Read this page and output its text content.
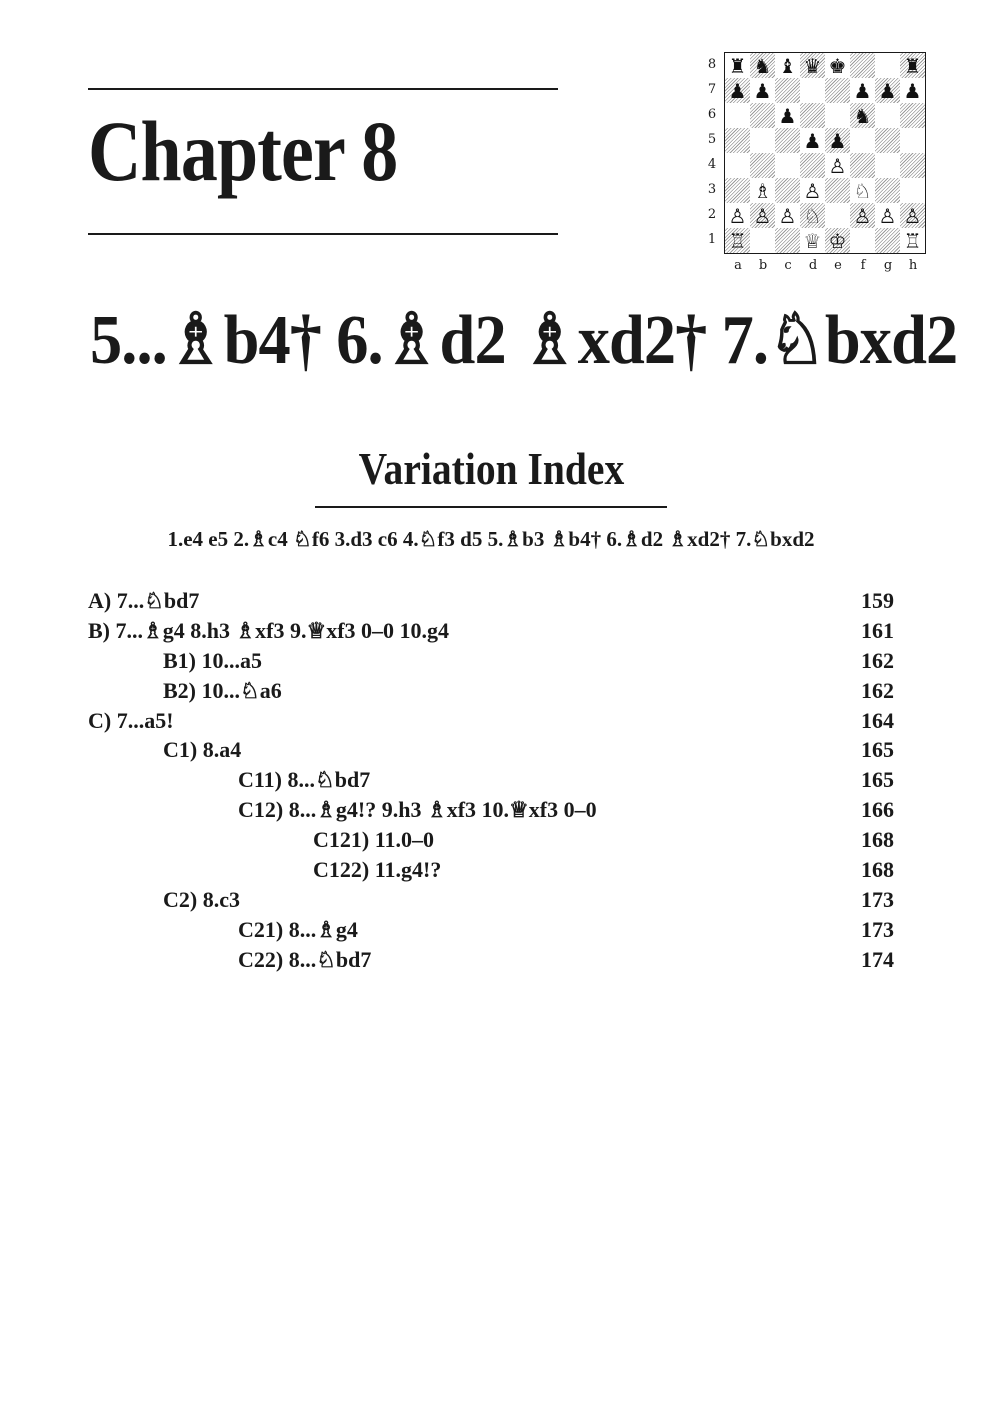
Chapter 8
♜ ♞ ♝ ♛ ♚	♜
♟ ♟	♟ ♟ ♟
♟	♞
♟ ♟
♙
♗ ♙ ♘
♙ ♙ ♙ ♘ ♙ ♙ ♙
♖	♕ ♔	♖
8
7
6
5
4
3
2
1
a	b	c	d	e	f	g	h
5...♗b4† 6.♗d2 ♗xd2† 7.♘bxd2
Variation Index
1.e4 e5 2.♗c4 ♘f6 3.d3 c6 4.♘f3 d5 5.♗b3 ♗b4† 6.♗d2 ♗xd2† 7.♘bxd2
A) 7...♘bd7	159
B) 7...♗g4 8.h3 ♗xf3 9.♕xf3 0–0 10.g4	161
B1) 10...a5	162
B2) 10...♘a6	162
C) 7...a5!	164
C1) 8.a4	165
C11) 8...♘bd7	165
C12) 8...♗g4!? 9.h3 ♗xf3 10.♕xf3 0–0	166
C121) 11.0–0	168
C122) 11.g4!?	168
C2) 8.c3	173
C21) 8...♗g4	173
C22) 8...♘bd7	174
